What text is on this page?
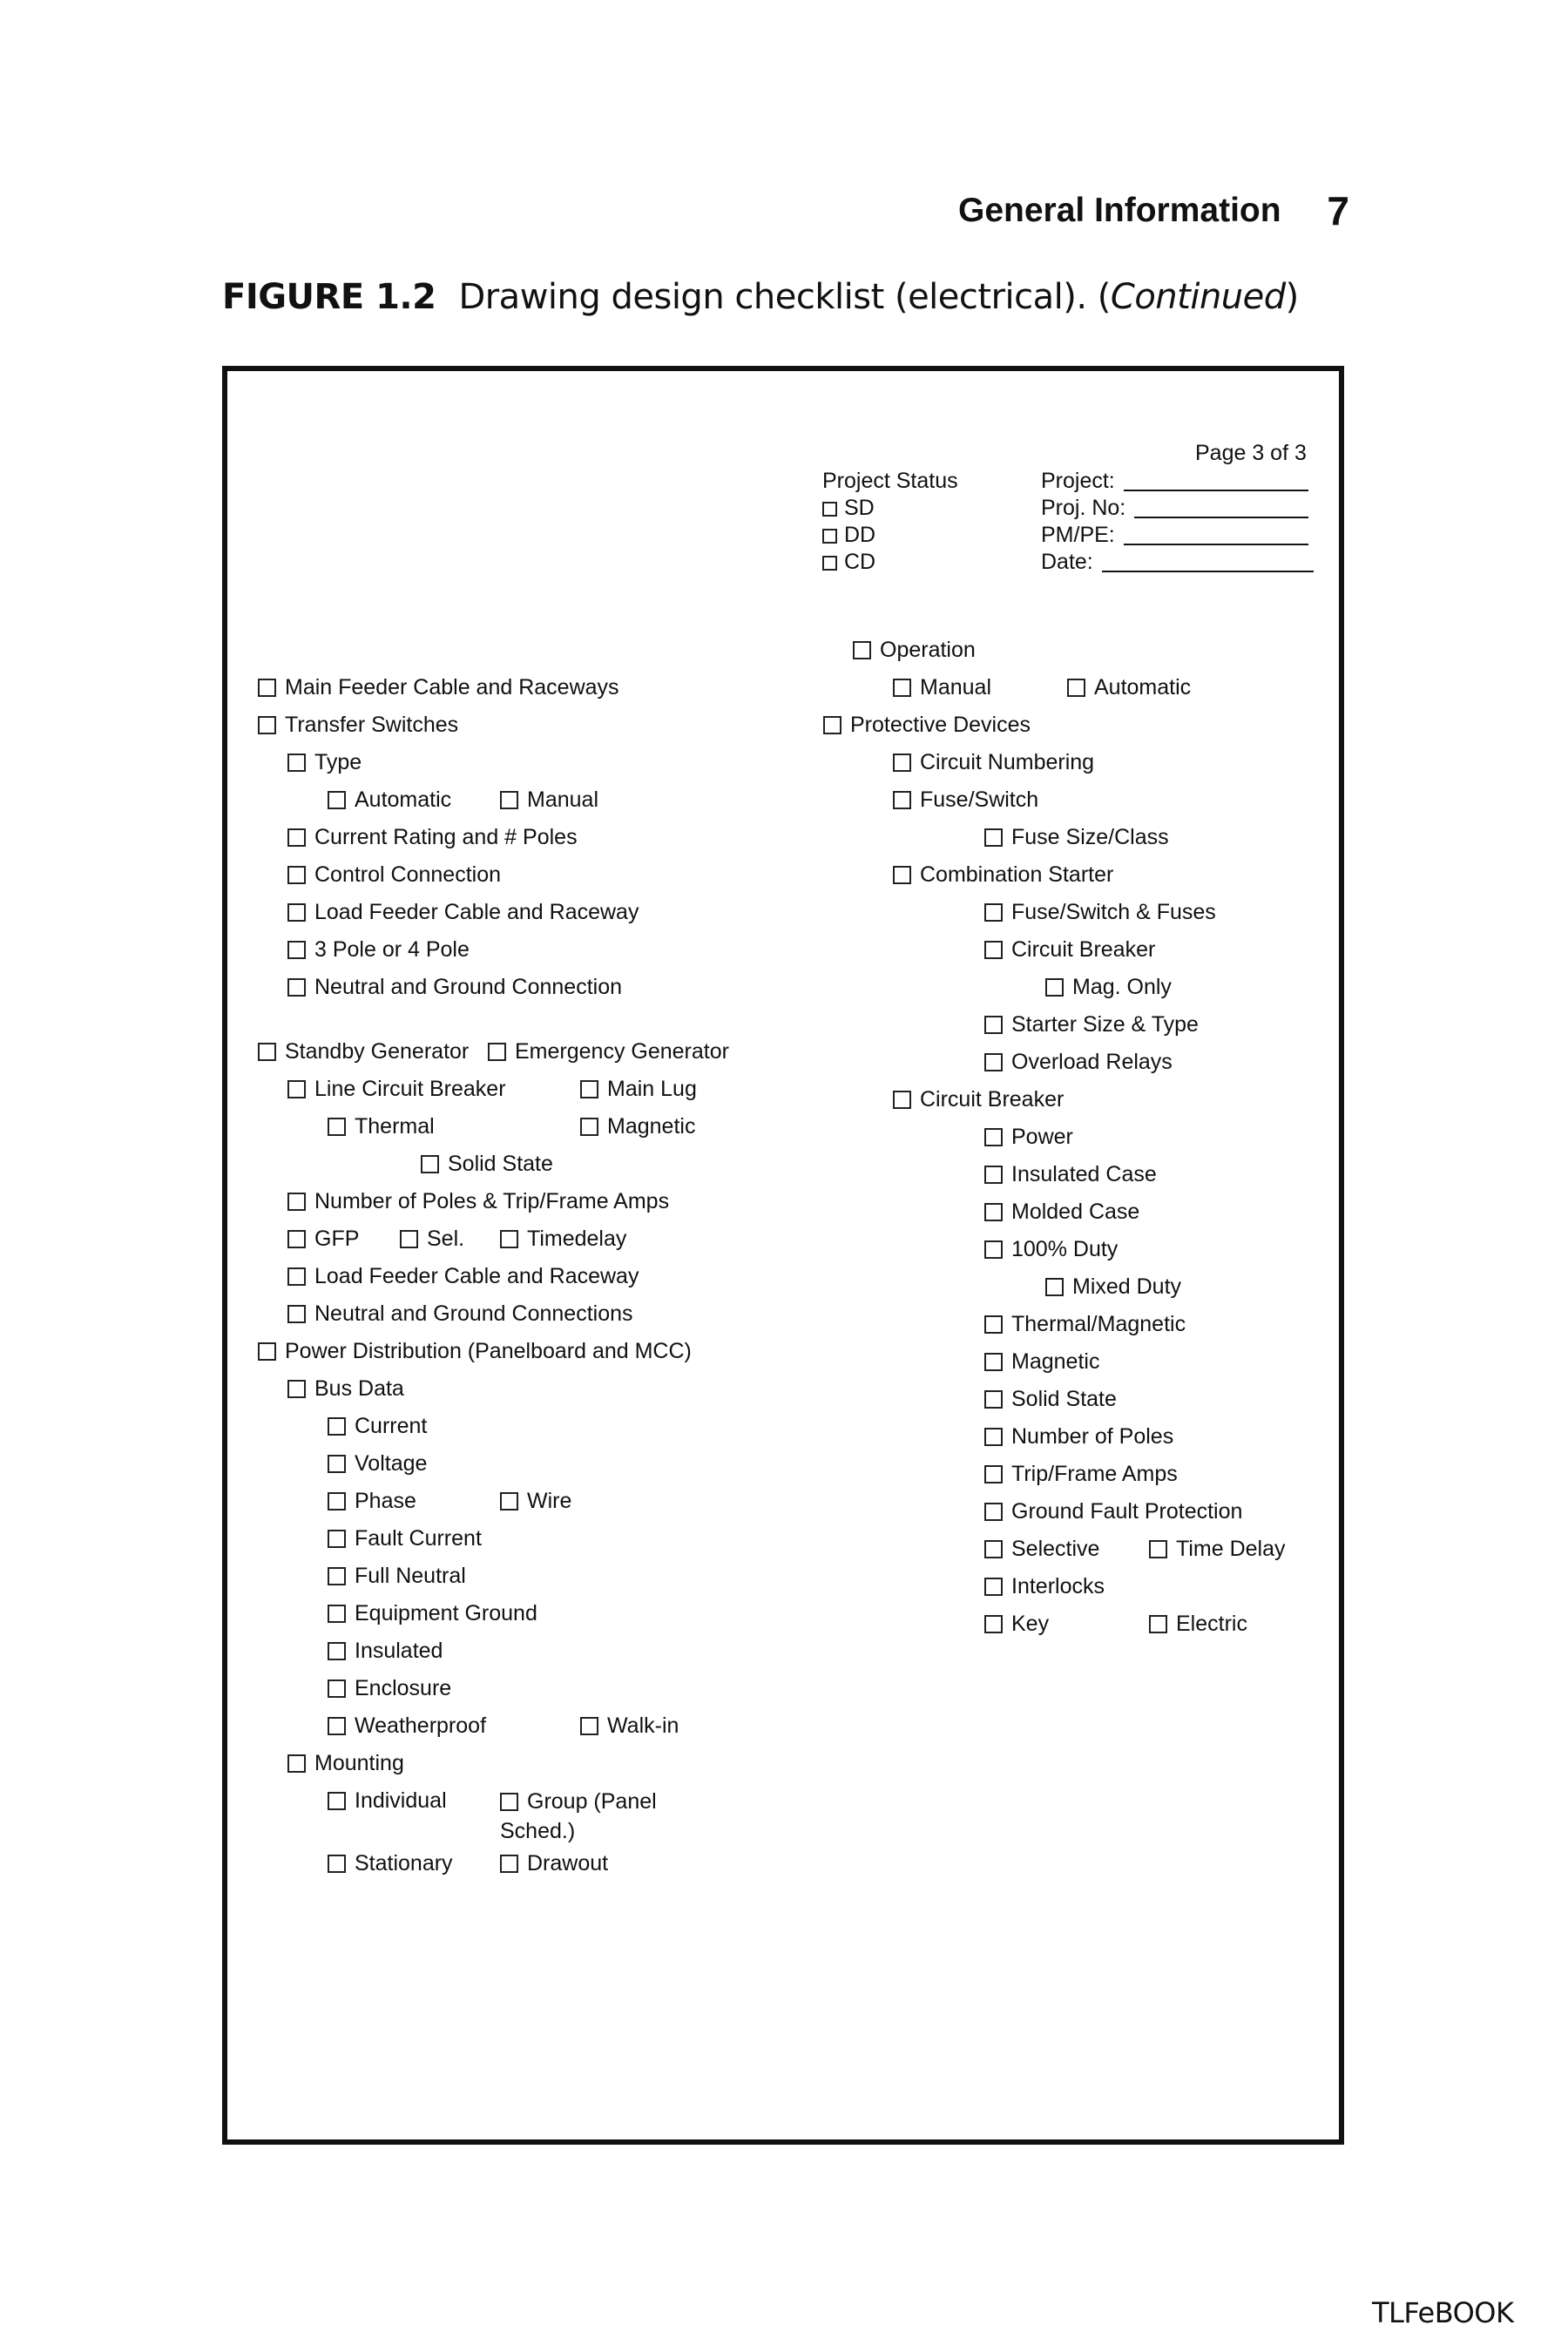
General Information 7
FIGURE 1.2 Drawing design checklist (electrical). (Continued)
Page 3 of 3
Project Status
SD
DD
CD
Project:
Proj. No:
PM/PE:
Date:
Main Feeder Cable and Raceways
Transfer Switches
Type
Automatic	Manual
Current Rating and # Poles
Control Connection
Load Feeder Cable and Raceway
3 Pole or 4 Pole
Neutral and Ground Connection
Standby Generator	Emergency Generator
Line Circuit Breaker	Main Lug
Thermal	Magnetic
Solid State
Number of Poles & Trip/Frame Amps
GFP	Sel.	Timedelay
Load Feeder Cable and Raceway
Neutral and Ground Connections
Power Distribution (Panelboard and MCC)
Bus Data
Current
Voltage
Phase	Wire
Fault Current
Full Neutral
Equipment Ground
Insulated
Enclosure
Weatherproof	Walk-in
Mounting
Individual	Group (Panel Sched.)
Stationary	Drawout
Operation
Manual	Automatic
Protective Devices
Circuit Numbering
Fuse/Switch
Fuse Size/Class
Combination Starter
Fuse/Switch & Fuses
Circuit Breaker
Mag. Only
Starter Size & Type
Overload Relays
Circuit Breaker
Power
Insulated Case
Molded Case
100% Duty
Mixed Duty
Thermal/Magnetic
Magnetic
Solid State
Number of Poles
Trip/Frame Amps
Ground Fault Protection
Selective	Time Delay
Interlocks
Key	Electric
TLFeBOOK
